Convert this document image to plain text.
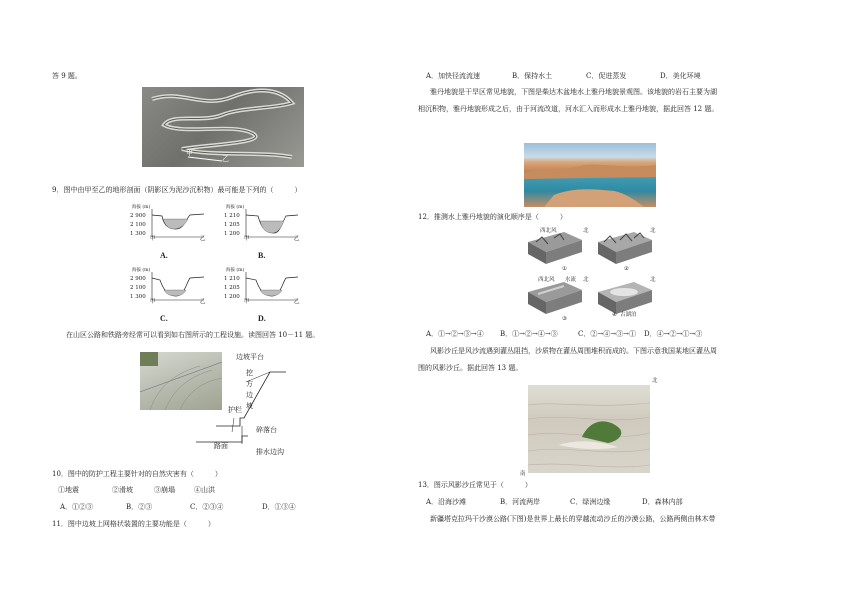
答 9 题。
甲
乙
9．图中由甲至乙的地形剖面（阴影区为泥沙沉积物）最可能是下列的（　　　）
海拔 (m)
2 900
2 100
1 300
甲	乙
A.
海拔 (m)
1 210
1 205
1 200
甲	乙
B.
海拔 (m)
2 900
2 100
1 300
甲	乙
C.
海拔 (m)
1 210
1 205
1 200
甲	乙
D.
在山区公路和铁路旁经常可以看到如右图所示的工程设施。读图回答 10－11 题。
边坡平台
挖
方
边
坡
护栏
碎落台
路面
排水边沟
10．图中的防护工程主要针对的自然灾害有（　　　）
①地震	②滑坡	③崩塌	④山洪
A．①②③	B．②③	C．②③④	D．①③④
11．图中边坡上网格状装置的主要功能是（　　　）
A．加快径流流速	B．保持水土	C．促进蒸发	D．美化环境
雅丹地貌是干旱区常见地貌，下图是柴达木盆地水上雅丹地貌景观图。该地貌的岩石主要为湖
相沉积物，雅丹地貌形成之后，由于河流改道，河水汇入而形成水上雅丹地貌，据此回答 12 题。
12．推测水上雅丹地貌的演化顺序是（　　　）
西北风	北	北
西北风 水流 北	北
古湖泊
①	②
③
④
A．①→②→③→④ B．①→②→④→③	C．②→④→③→① D．④→②→①→③
风影沙丘是风沙流遇到灌丛阻挡，沙质物在灌丛周围堆积而成的。下图示意我国某地区灌丛周
围的风影沙丘。据此回答 13 题。
北
南
13．图示风影沙丘常见于（　　　）
A．沿海沙滩	B．河流两岸	C．绿洲边缘	D．森林内部
新疆塔克拉玛干沙漠公路(下图)是世界上最长的穿越流动沙丘的沙漠公路，公路两侧由林木带
